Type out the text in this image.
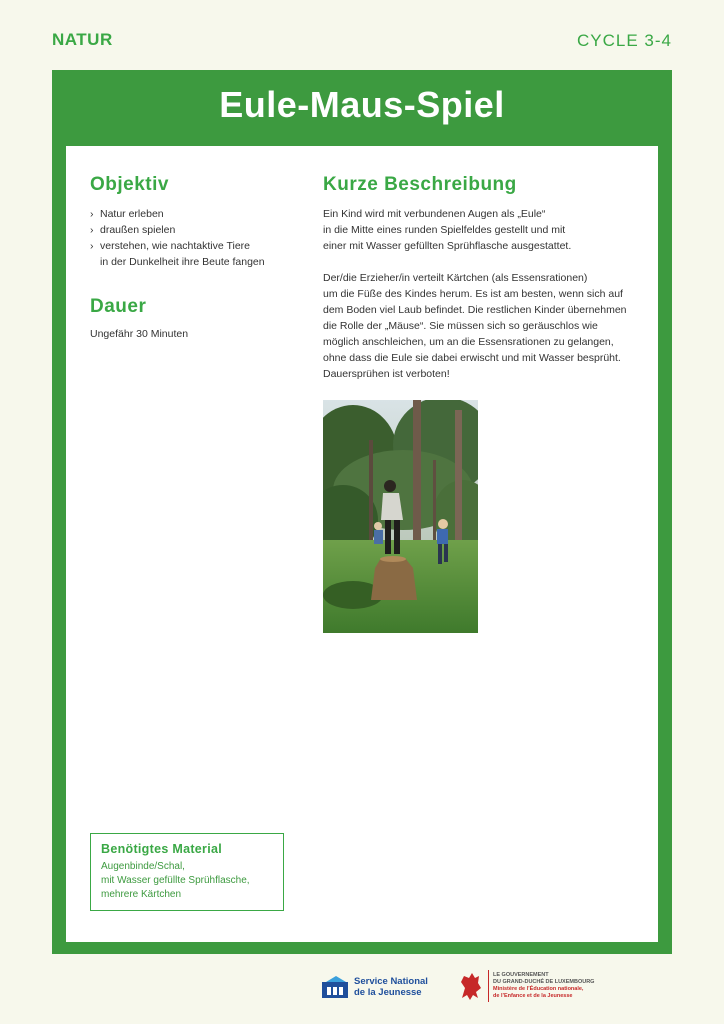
NATUR	CYCLE 3-4
Eule-Maus-Spiel
Objektiv
› Natur erleben
› draußen spielen
› verstehen, wie nachtaktive Tiere
in der Dunkelheit ihre Beute fangen
Dauer
Ungefähr 30 Minuten
Kurze Beschreibung
Ein Kind wird mit verbundenen Augen als „Eule“
in die Mitte eines runden Spielfeldes gestellt und mit
einer mit Wasser gefüllten Sprühflasche ausgestattet.
Der/die Erzieher/in verteilt Kärtchen (als Essensrationen)
um die Füße des Kindes herum. Es ist am besten, wenn sich auf
dem Boden viel Laub befindet. Die restlichen Kinder übernehmen
die Rolle der „Mäuse“. Sie müssen sich so geräuschlos wie
möglich anschleichen, um an die Essensrationen zu gelangen,
ohne dass die Eule sie dabei erwischt und mit Wasser besprüht.
Dauersprühen ist verboten!
Benötigtes Material
Augenbinde/Schal,
mit Wasser gefüllte Sprühflasche,
mehrere Kärtchen
Service National
de la Jeunesse
LE GOUVERNEMENT
DU GRAND-DUCHÉ DE LUXEMBOURG
Ministère de l’Éducation nationale,
de l’Enfance et de la Jeunesse
